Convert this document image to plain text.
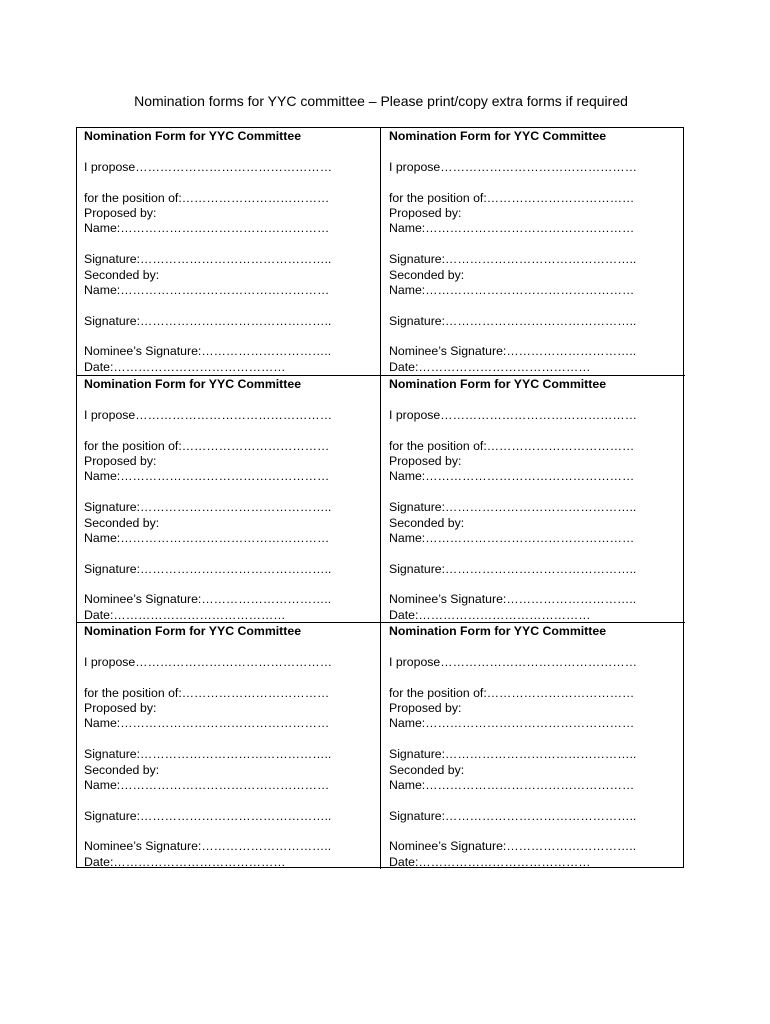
Nomination forms for YYC committee – Please print/copy extra forms if required
Nomination Form for YYC Committee
I propose…………………………………………
for the position of:………………………………
Proposed by:
Name:……………………………………………
Signature:………………………………………..
Seconded by:
Name:……………………………………………
Signature:………………………………………..
Nominee’s Signature:…………………………..
Date:……………………………………
Nomination Form for YYC Committee
I propose…………………………………………
for the position of:………………………………
Proposed by:
Name:……………………………………………
Signature:………………………………………..
Seconded by:
Name:……………………………………………
Signature:………………………………………..
Nominee’s Signature:…………………………..
Date:……………………………………
Nomination Form for YYC Committee
I propose…………………………………………
for the position of:………………………………
Proposed by:
Name:……………………………………………
Signature:………………………………………..
Seconded by:
Name:……………………………………………
Signature:………………………………………..
Nominee’s Signature:…………………………..
Date:……………………………………
Nomination Form for YYC Committee
I propose…………………………………………
for the position of:………………………………
Proposed by:
Name:……………………………………………
Signature:………………………………………..
Seconded by:
Name:……………………………………………
Signature:………………………………………..
Nominee’s Signature:…………………………..
Date:……………………………………
Nomination Form for YYC Committee
I propose…………………………………………
for the position of:………………………………
Proposed by:
Name:……………………………………………
Signature:………………………………………..
Seconded by:
Name:……………………………………………
Signature:………………………………………..
Nominee’s Signature:…………………………..
Date:……………………………………
Nomination Form for YYC Committee
I propose…………………………………………
for the position of:………………………………
Proposed by:
Name:……………………………………………
Signature:………………………………………..
Seconded by:
Name:……………………………………………
Signature:………………………………………..
Nominee’s Signature:…………………………..
Date:……………………………………
